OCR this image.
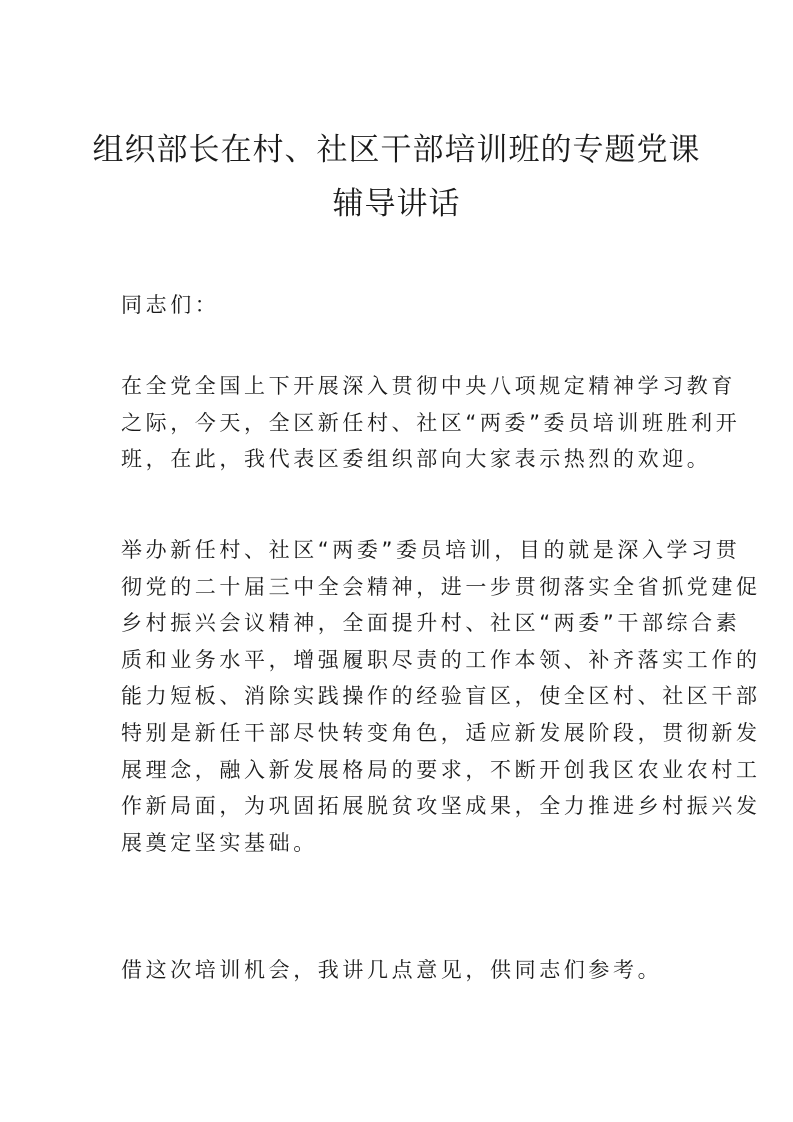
组织部长在村、社区干部培训班的专题党课
辅导讲话
同志们：
在全党全国上下开展深入贯彻中央八项规定精神学习教育
之际，今天，全区新任村、社区“两委”委员培训班胜利开
班，在此，我代表区委组织部向大家表示热烈的欢迎。
举办新任村、社区“两委”委员培训，目的就是深入学习贯
彻党的二十届三中全会精神，进一步贯彻落实全省抓党建促
乡村振兴会议精神，全面提升村、社区“两委”干部综合素
质和业务水平，增强履职尽责的工作本领、补齐落实工作的
能力短板、消除实践操作的经验盲区，使全区村、社区干部
特别是新任干部尽快转变角色，适应新发展阶段，贯彻新发
展理念，融入新发展格局的要求，不断开创我区农业农村工
作新局面，为巩固拓展脱贫攻坚成果，全力推进乡村振兴发
展奠定坚实基础。
借这次培训机会，我讲几点意见，供同志们参考。
